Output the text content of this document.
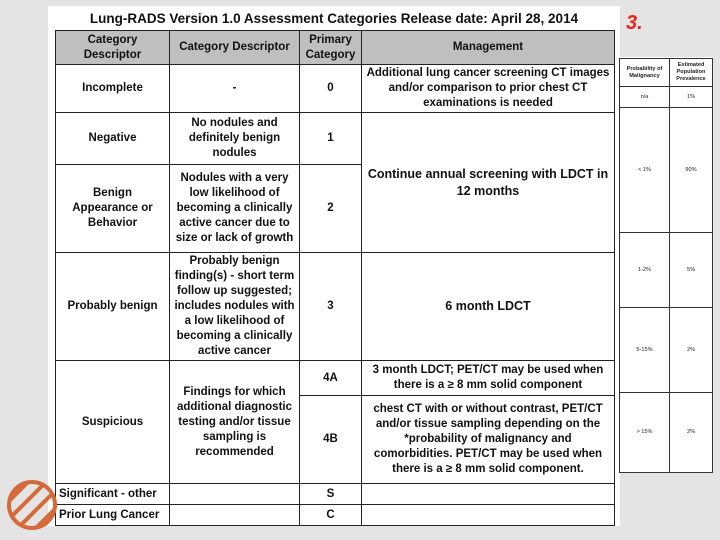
3.
Lung-RADS Version 1.0 Assessment Categories Release date: April 28, 2014
Category Descriptor	Category Descriptor	Primary Category	Management
Incomplete	-	0	Additional lung cancer screening CT images and/or comparison to prior chest CT examinations is needed
Negative	No nodules and definitely benign nodules	1	Continue annual screening with LDCT in 12 months
Benign Appearance or Behavior	Nodules with a very low likelihood of becoming a clinically active cancer due to size or lack of growth	2	
Probably benign	Probably benign finding(s) - short term follow up suggested; includes nodules with a low likelihood of becoming a clinically active cancer	3	6 month LDCT
Suspicious	Findings for which additional diagnostic testing and/or tissue sampling is recommended	4A	3 month LDCT; PET/CT may be used when there is a ≥ 8 mm solid component
		4B	chest CT with or without contrast, PET/CT and/or tissue sampling depending on the *probability of malignancy and comorbidities. PET/CT may be used when there is a ≥ 8 mm solid component.
Significant - other		S	
Prior Lung Cancer		C	
Probability of Malignancy	Estimated Population Prevalence
n/a	1%
< 1%	90%
1-2%	5%
5-15%	2%
> 15%	2%
